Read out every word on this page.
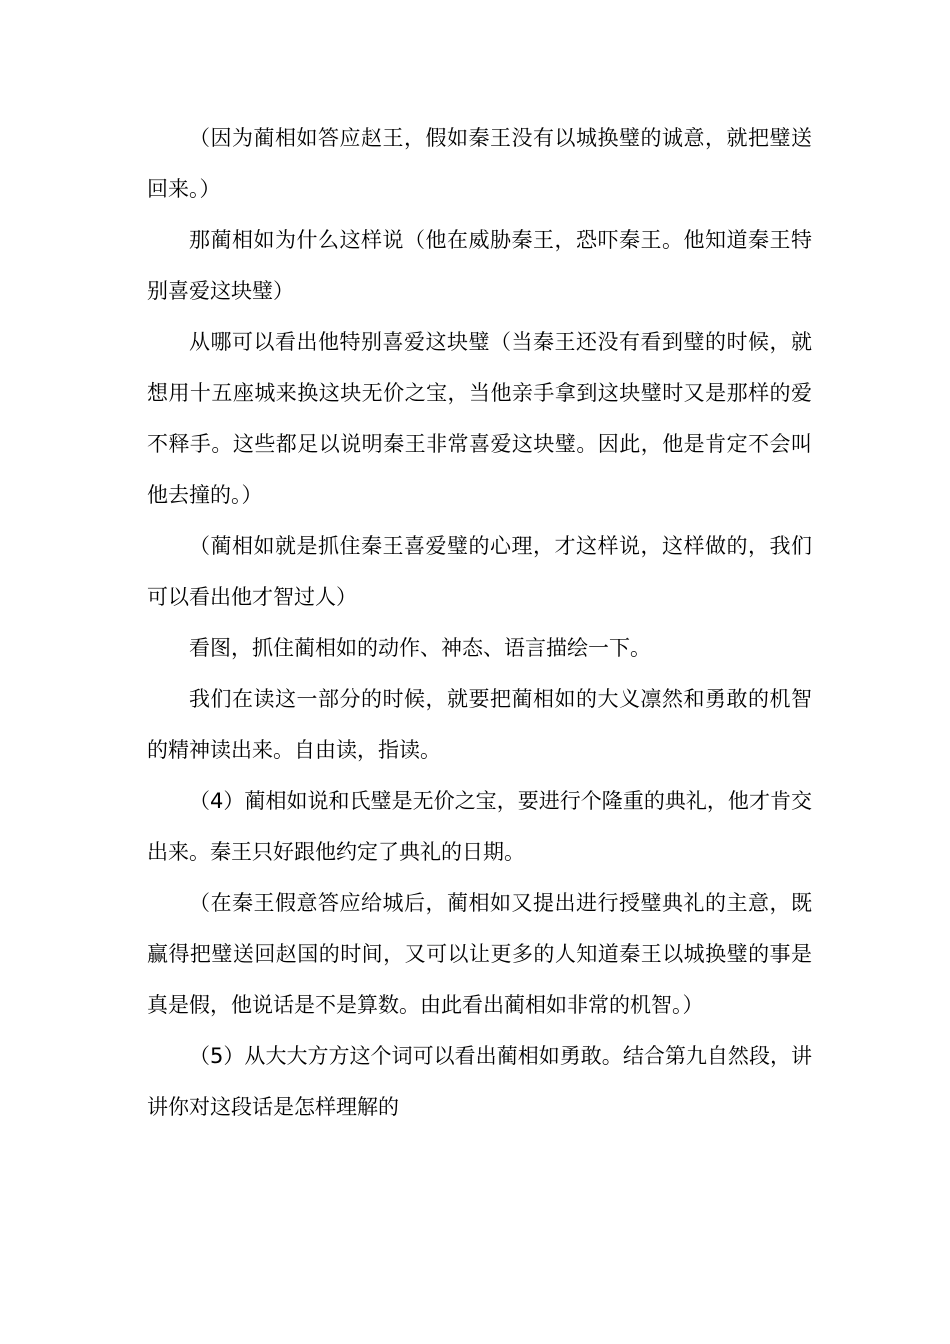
（因为蔺相如答应赵王，假如秦王没有以城换璧的诚意，就把璧送回来。）

那蔺相如为什么这样说（他在威胁秦王，恐吓秦王。他知道秦王特别喜爱这块璧）

从哪可以看出他特别喜爱这块璧（当秦王还没有看到璧的时候，就想用十五座城来换这块无价之宝，当他亲手拿到这块璧时又是那样的爱不释手。这些都足以说明秦王非常喜爱这块璧。因此，他是肯定不会叫他去撞的。）

（蔺相如就是抓住秦王喜爱璧的心理，才这样说，这样做的，我们可以看出他才智过人）

看图，抓住蔺相如的动作、神态、语言描绘一下。

我们在读这一部分的时候，就要把蔺相如的大义凛然和勇敢的机智的精神读出来。自由读，指读。

（4）蔺相如说和氏璧是无价之宝，要进行个隆重的典礼，他才肯交出来。秦王只好跟他约定了典礼的日期。

（在秦王假意答应给城后，蔺相如又提出进行授璧典礼的主意，既赢得把璧送回赵国的时间，又可以让更多的人知道秦王以城换璧的事是真是假，他说话是不是算数。由此看出蔺相如非常的机智。）

（5）从大大方方这个词可以看出蔺相如勇敢。结合第九自然段，讲讲你对这段话是怎样理解的
